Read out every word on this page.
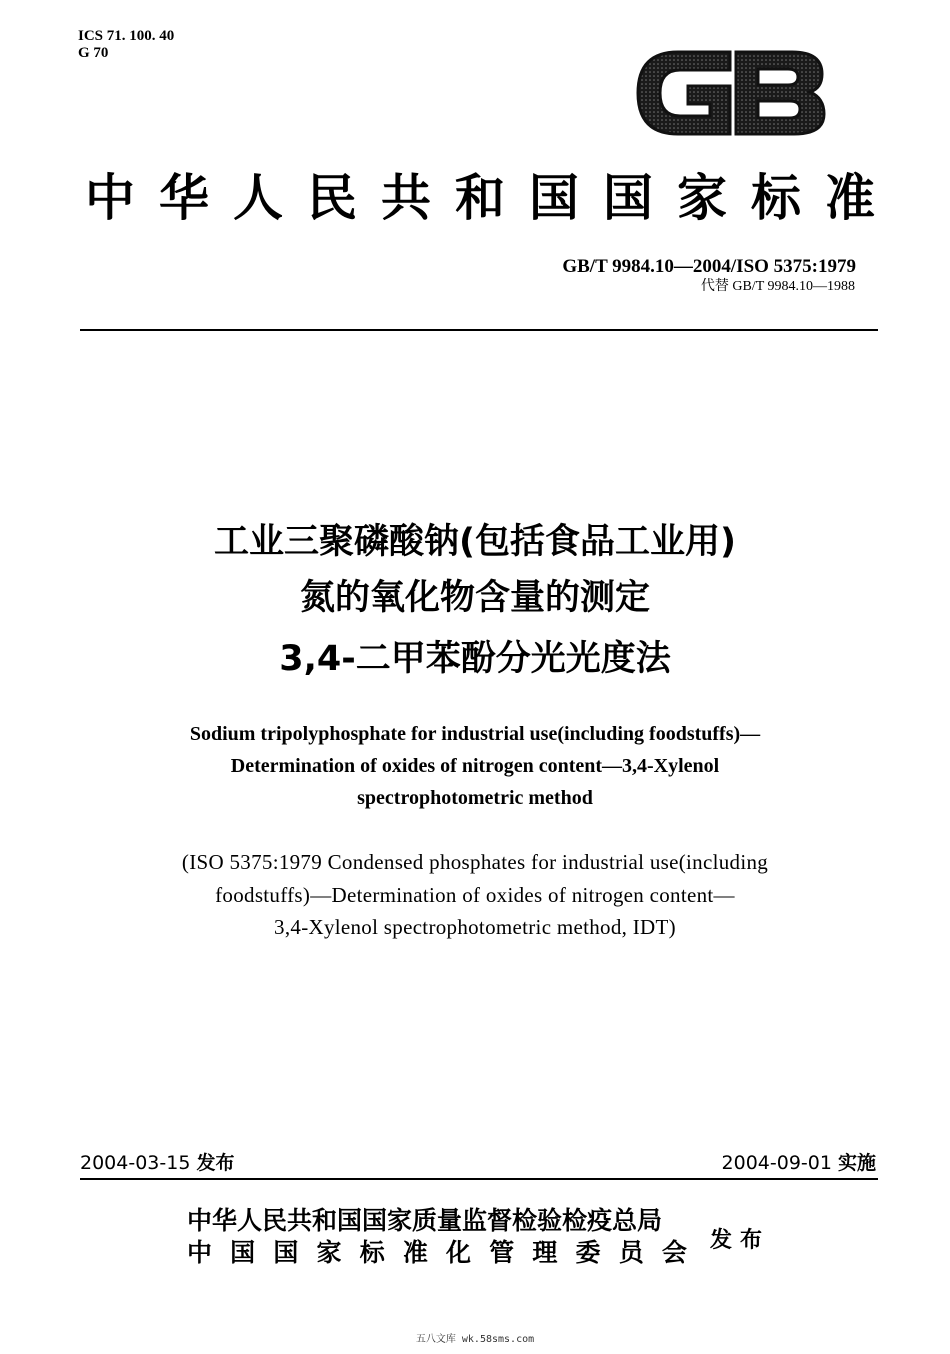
ICS 71. 100. 40
G 70
中 华 人 民 共 和 国 国 家 标 准
GB/T 9984.10—2004/ISO 5375:1979
代替 GB/T 9984.10—1988
工业三聚磷酸钠(包括食品工业用)
氮的氧化物含量的测定
3,4-二甲苯酚分光光度法
Sodium tripolyphosphate for industrial use(including foodstuffs)—
Determination of oxides of nitrogen content—3,4-Xylenol
spectrophotometric method
(ISO 5375:1979 Condensed phosphates for industrial use(including
foodstuffs)—Determination of oxides of nitrogen content—
3,4-Xylenol spectrophotometric method, IDT)
2004-03-15 发布	2004-09-01 实施
中华人民共和国国家质量监督检验检疫总局
中 国 国 家 标 准 化 管 理 委 员 会 发布
五八文库 wk.58sms.com
